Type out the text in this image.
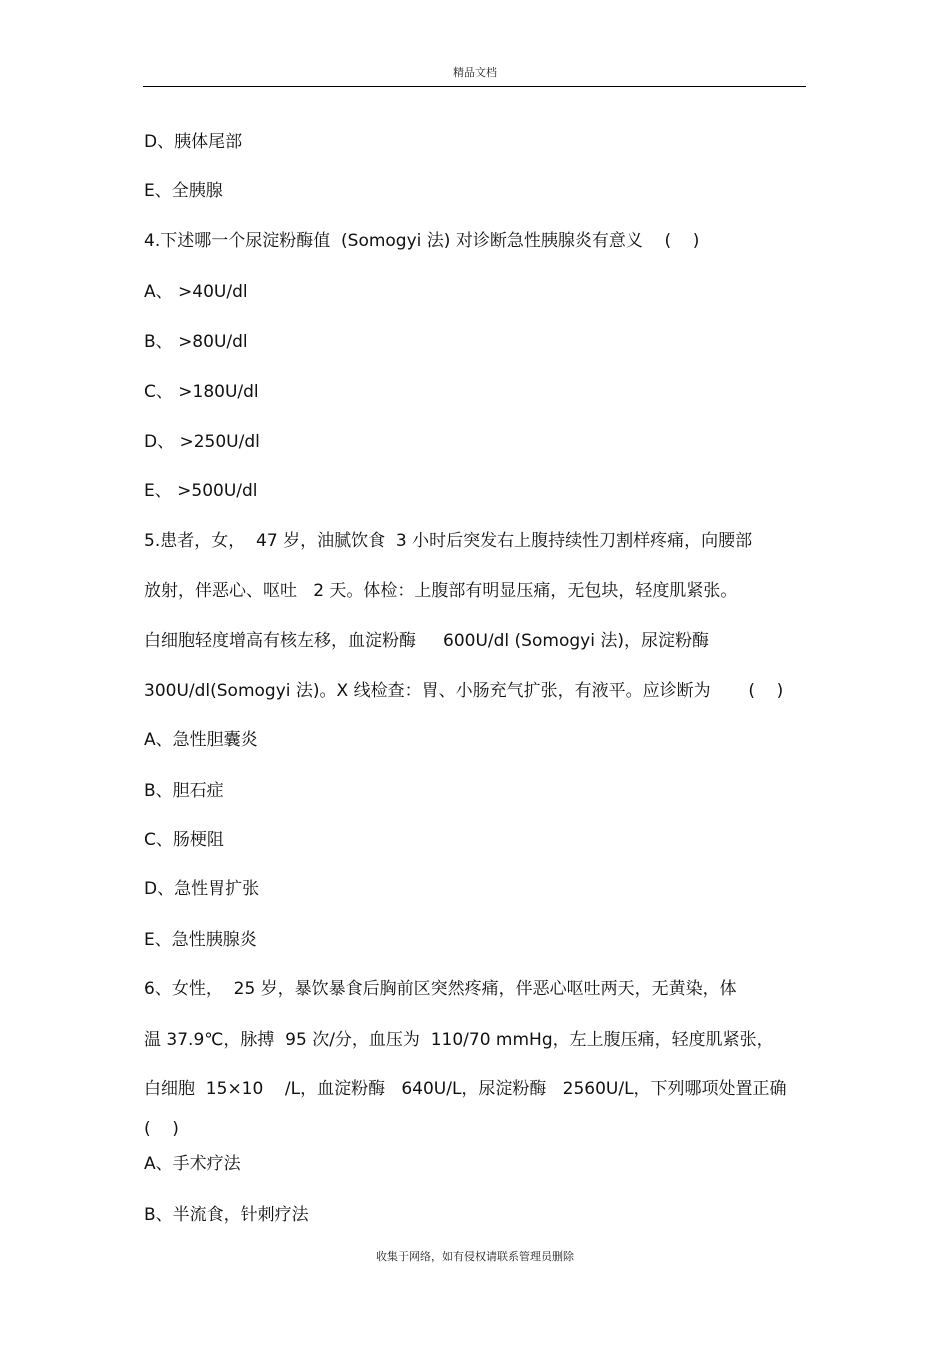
精品文档
D、胰体尾部
E、全胰腺
4.下述哪一个尿淀粉酶值  (Somogyi 法) 对诊断急性胰腺炎有意义    (    )
A、 >40U/dl
B、 >80U/dl
C、 >180U/dl
D、 >250U/dl
E、 >500U/dl
5.患者，女，  47 岁，油腻饮食  3 小时后突发右上腹持续性刀割样疼痛，向腰部
放射，伴恶心、呕吐   2 天。体检：上腹部有明显压痛，无包块，轻度肌紧张。
白细胞轻度增高有核左移，血淀粉酶     600U/dl (Somogyi 法)，尿淀粉酶
300U/dl(Somogyi 法)。X 线检查：胃、小肠充气扩张，有液平。应诊断为       (    )
A、急性胆囊炎
B、胆石症
C、肠梗阻
D、急性胃扩张
E、急性胰腺炎
6、女性，  25 岁，暴饮暴食后胸前区突然疼痛，伴恶心呕吐两天，无黄染，体
温 37.9℃，脉搏  95 次/分，血压为  110/70 mmHg，左上腹压痛，轻度肌紧张，
白细胞  15×10    /L，血淀粉酶   640U/L，尿淀粉酶   2560U/L，下列哪项处置正确
(    )
A、手术疗法
B、半流食，针刺疗法
收集于网络，如有侵权请联系管理员删除
